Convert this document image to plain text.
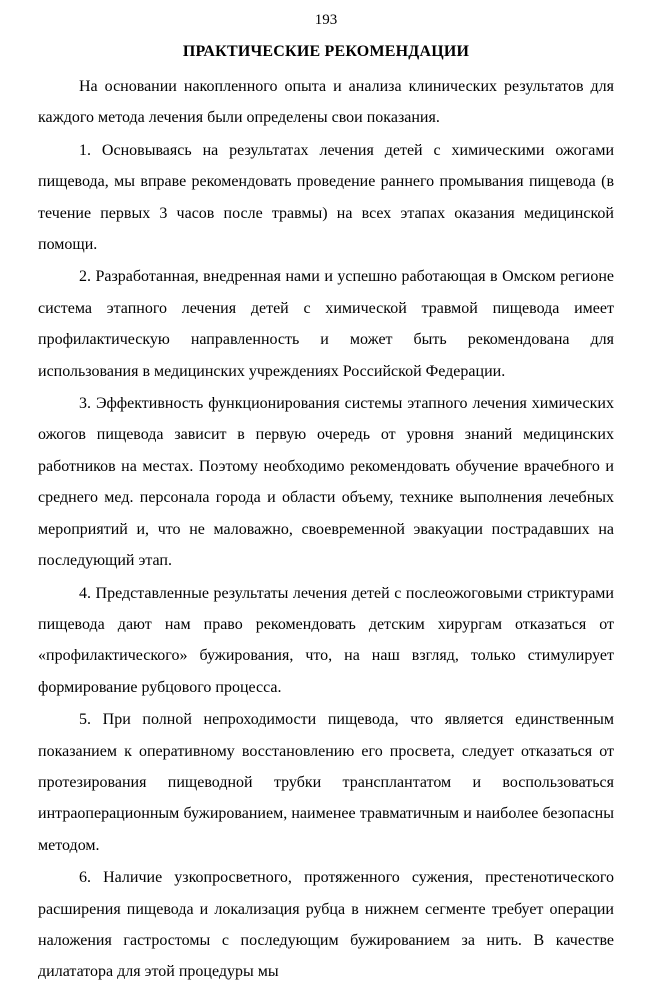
193
ПРАКТИЧЕСКИЕ РЕКОМЕНДАЦИИ

На основании накопленного опыта и анализа клинических результатов для каждого метода лечения были определены свои показания.

1. Основываясь на результатах лечения детей с химическими ожогами пищевода, мы вправе рекомендовать проведение раннего промывания пищевода (в течение первых 3 часов после травмы) на всех этапах оказания медицинской помощи.

2. Разработанная, внедренная нами и успешно работающая в Омском регионе система этапного лечения детей с химической травмой пищевода имеет профилактическую направленность и может быть рекомендована для использования в медицинских учреждениях Российской Федерации.

3. Эффективность функционирования системы этапного лечения химических ожогов пищевода зависит в первую очередь от уровня знаний медицинских работников на местах. Поэтому необходимо рекомендовать обучение врачебного и среднего мед. персонала города и области объему, технике выполнения лечебных мероприятий и, что не маловажно, своевременной эвакуации пострадавших на последующий этап.

4. Представленные результаты лечения детей с послеожоговыми стриктурами пищевода дают нам право рекомендовать детским хирургам отказаться от «профилактического» бужирования, что, на наш взгляд, только стимулирует формирование рубцового процесса.

5. При полной непроходимости пищевода, что является единственным показанием к оперативному восстановлению его просвета, следует отказаться от протезирования пищеводной трубки трансплантатом и воспользоваться интраоперационным бужированием, наименее травматичным и наиболее безопасны методом.

6. Наличие узкопросветного, протяженного сужения, престенотического расширения пищевода и локализация рубца в нижнем сегменте требует операции наложения гастростомы с последующим бужированием за нить. В качестве дилататора для этой процедуры мы
